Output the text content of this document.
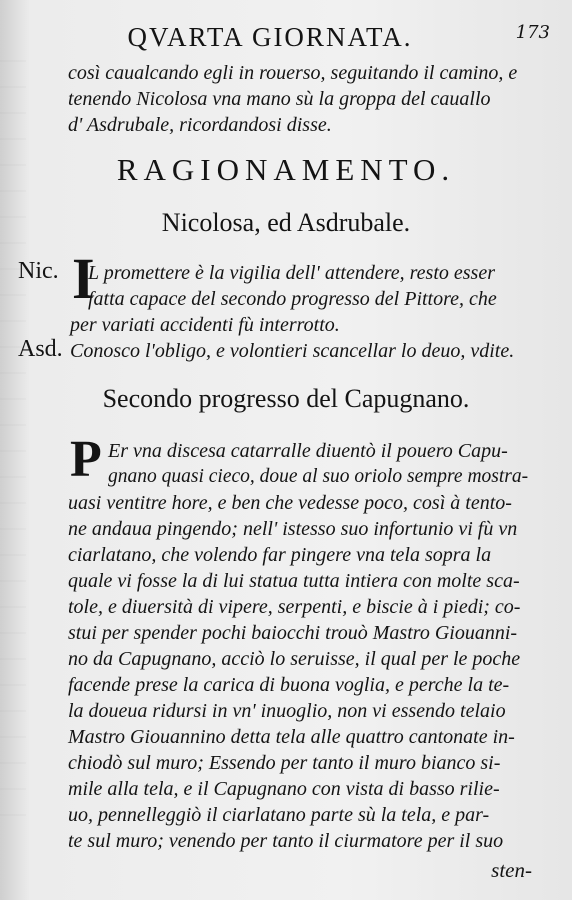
QVARTA GIORNATA.	173
così caualcando egli in rouerso, seguitando il camino, e
tenendo Nicolosa vna mano sù la groppa del cauallo
d' Asdrubale, ricordandosi disse.
RAGIONAMENTO.
Nicolosa, ed Asdrubale.
Nic. I
L promettere è la vigilia dell' attendere, resto esser
fatta capace del secondo progresso del Pittore, che
per variati accidenti fù interrotto.
Asd. Conosco l'obligo, e volontieri scancellar lo deuo, vdite.
Secondo progresso del Capugnano.
P Er vna discesa catarralle diuentò il pouero Capu-
gnano quasi cieco, doue al suo oriolo sempre mostra-
uasi ventitre hore, e ben che vedesse poco, così à tento-
ne andaua pingendo; nell' istesso suo infortunio vi fù vn
ciarlatano, che volendo far pingere vna tela sopra la
quale vi fosse la di lui statua tutta intiera con molte sca-
tole, e diuersità di vipere, serpenti, e biscie à i piedi; co-
stui per spender pochi baiocchi trouò Mastro Giouanni-
no da Capugnano, acciò lo seruisse, il qual per le poche
facende prese la carica di buona voglia, e perche la te-
la doueua ridursi in vn' inuoglio, non vi essendo telaio
Mastro Giouannino detta tela alle quattro cantonate in-
chiodò sul muro; Essendo per tanto il muro bianco si-
mile alla tela, e il Capugnano con vista di basso rilie-
uo, pennelleggiò il ciarlatano parte sù la tela, e par-
te sul muro; venendo per tanto il ciurmatore per il suo
sten-
